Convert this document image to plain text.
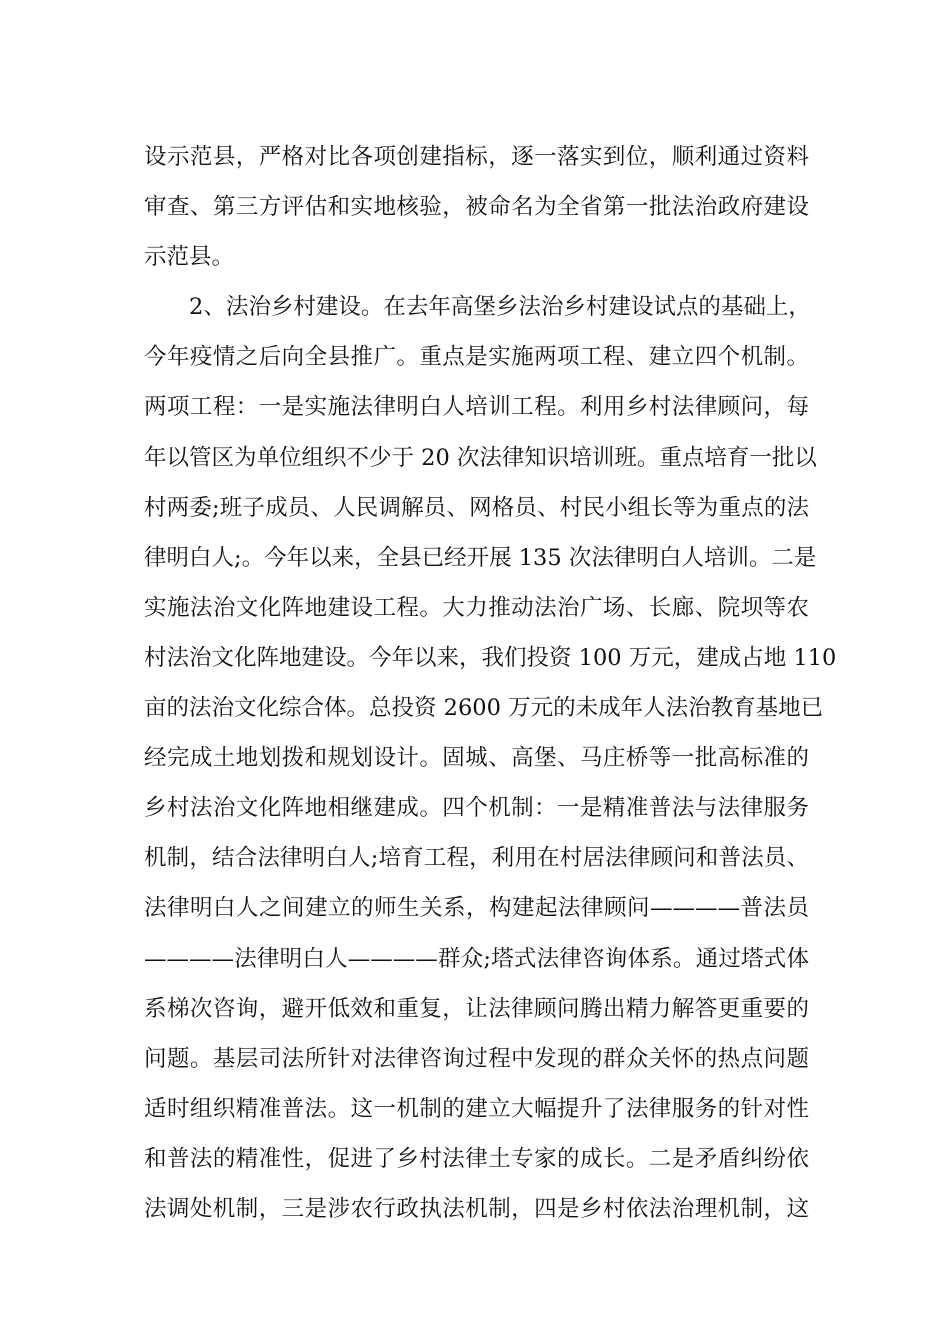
设示范县，严格对比各项创建指标，逐一落实到位，顺利通过资料
审查、第三方评估和实地核验，被命名为全省第一批法治政府建设
示范县。
2、法治乡村建设。在去年高堡乡法治乡村建设试点的基础上，
今年疫情之后向全县推广。重点是实施两项工程、建立四个机制。
两项工程：一是实施法律明白人培训工程。利用乡村法律顾问，每
年以管区为单位组织不少于 20 次法律知识培训班。重点培育一批以
村两委;班子成员、人民调解员、网格员、村民小组长等为重点的法
律明白人;。今年以来，全县已经开展 135 次法律明白人培训。二是
实施法治文化阵地建设工程。大力推动法治广场、长廊、院坝等农
村法治文化阵地建设。今年以来，我们投资 100 万元，建成占地 110
亩的法治文化综合体。总投资 2600 万元的未成年人法治教育基地已
经完成土地划拨和规划设计。固城、高堡、马庄桥等一批高标准的
乡村法治文化阵地相继建成。四个机制：一是精准普法与法律服务
机制，结合法律明白人;培育工程，利用在村居法律顾问和普法员、
法律明白人之间建立的师生关系，构建起法律顾问————普法员
————法律明白人————群众;塔式法律咨询体系。通过塔式体
系梯次咨询，避开低效和重复，让法律顾问腾出精力解答更重要的
问题。基层司法所针对法律咨询过程中发现的群众关怀的热点问题
适时组织精准普法。这一机制的建立大幅提升了法律服务的针对性
和普法的精准性，促进了乡村法律土专家的成长。二是矛盾纠纷依
法调处机制，三是涉农行政执法机制，四是乡村依法治理机制，这
